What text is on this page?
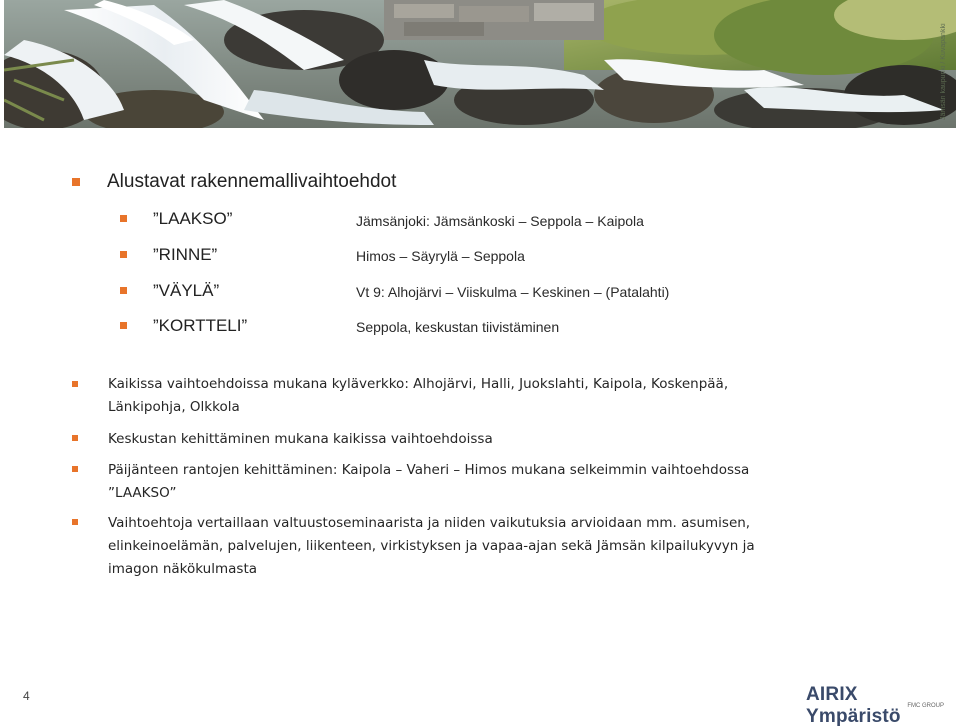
Jämsän kaupunki / Kuvapankki
Alustavat rakennemallivaihtoehdot
”LAAKSO”	Jämsänjoki: Jämsänkoski – Seppola – Kaipola
”RINNE”	Himos – Säyrylä – Seppola
”VÄYLÄ”	Vt 9: Alhojärvi – Viiskulma – Keskinen – (Patalahti)
”KORTTELI”	Seppola, keskustan tiivistäminen
Kaikissa vaihtoehdoissa mukana kyläverkko: Alhojärvi, Halli, Juokslahti, Kaipola, Koskenpää,
Länkipohja, Olkkola
Keskustan kehittäminen mukana kaikissa vaihtoehdoissa
Päijänteen rantojen kehittäminen: Kaipola – Vaheri – Himos mukana selkeimmin vaihtoehdossa
”LAAKSO”
Vaihtoehtoja vertaillaan valtuustoseminaarista ja niiden vaikutuksia arvioidaan mm. asumisen,
elinkeinoelämän, palvelujen, liikenteen, virkistyksen ja vapaa-ajan sekä Jämsän kilpailukyvyn ja
imagon näkökulmasta
4	AIRIX Ympäristö	FMC GROUP
